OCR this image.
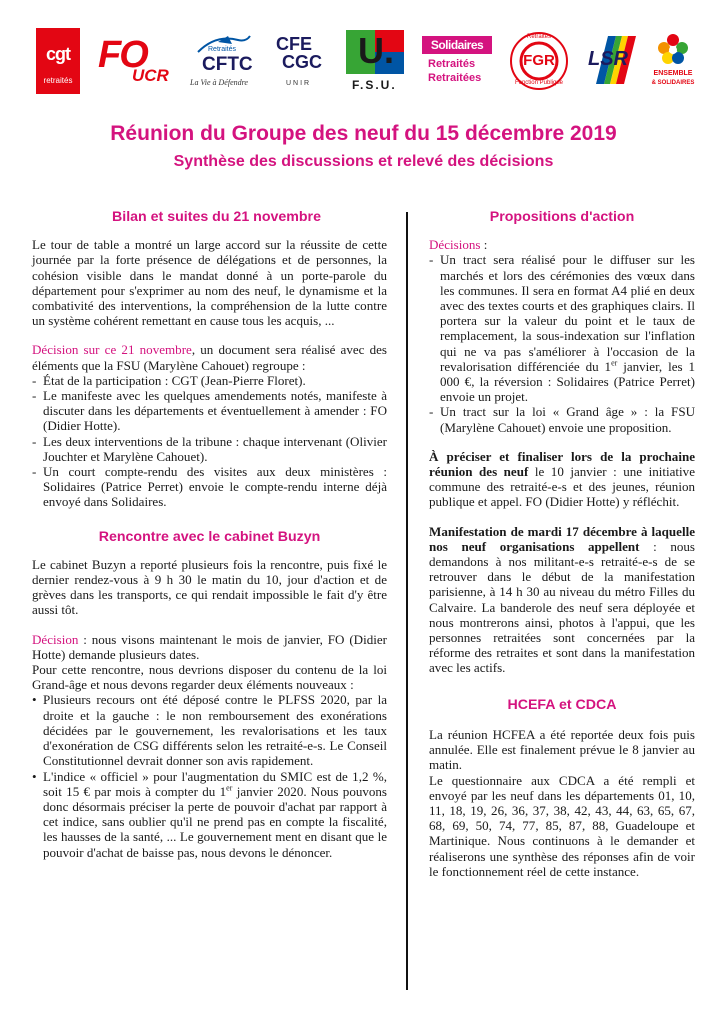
cgt
retraités
FO
UCR
Retraités
CFTC
La Vie à Défendre
CFE
CGC
UNIR
U.
F.S.U.
Solidaires
Retraités
Retraitées
FGR
Retraités
Fonction Publique
LSR
ENSEMBLE
& SOLIDAIRES
Réunion du Groupe des neuf du 15 décembre 2019
Synthèse des discussions et relevé des décisions
Bilan et suites du 21 novembre

Le tour de table a montré un large accord sur la réussite de cette journée par la forte présence de délégations et de personnes, la cohésion visible dans le mandat donné à un porte-parole du département pour s'exprimer au nom des neuf, le dynamisme et la combativité des interventions, la compréhension de la lutte contre un système cohérent remettant en cause tous les acquis, ...

Décision sur ce 21 novembre, un document sera réalisé avec des éléments que la FSU (Marylène Cahouet) regroupe :

- État de la participation : CGT (Jean-Pierre Floret).
- Le manifeste avec les quelques amendements notés, manifeste à discuter dans les départements et éventuellement à amender : FO (Didier Hotte).
- Les deux interventions de la tribune : chaque intervenant (Olivier Jouchter et Marylène Cahouet).
- Un court compte-rendu des visites aux deux ministères : Solidaires (Patrice Perret) envoie le compte-rendu interne déjà envoyé dans Solidaires.
Rencontre avec le cabinet Buzyn

Le cabinet Buzyn a reporté plusieurs fois la rencontre, puis fixé le dernier rendez-vous à 9 h 30 le matin du 10, jour d'action et de grèves dans les transports, ce qui rendait impossible le fait d'y être aussi tôt.

Décision : nous visons maintenant le mois de janvier, FO (Didier Hotte) demande plusieurs dates.

Pour cette rencontre, nous devrions disposer du contenu de la loi Grand-âge et nous devons regarder deux éléments nouveaux :

• Plusieurs recours ont été déposé contre le PLFSS 2020, par la droite et la gauche : le non remboursement des exonérations décidées par le gouvernement, les revalorisations et les taux d'exonération de CSG différents selon les retraité-e-s. Le Conseil Constitutionnel devrait donner son avis rapidement.
• L'indice « officiel » pour l'augmentation du SMIC est de 1,2 %, soit 15 € par mois à compter du 1er janvier 2020. Nous pouvons donc désormais préciser la perte de pouvoir d'achat par rapport à cet indice, sans oublier qu'il ne prend pas en compte la fiscalité, les hausses de la santé, ... Le gouvernement ment en disant que le pouvoir d'achat de baisse pas, nous devons le dénoncer.
Propositions d'action

Décisions :

- Un tract sera réalisé pour le diffuser sur les marchés et lors des cérémonies des vœux dans les communes. Il sera en format A4 plié en deux avec des textes courts et des graphiques clairs. Il portera sur la valeur du point et le taux de remplacement, la sous-indexation sur l'inflation qui ne va pas s'améliorer à l'occasion de la revalorisation différenciée du 1er janvier, les 1 000 €, la réversion : Solidaires (Patrice Perret) envoie un projet.
- Un tract sur la loi « Grand âge » : la FSU (Marylène Cahouet) envoie une proposition.

À préciser et finaliser lors de la prochaine réunion des neuf le 10 janvier : une initiative commune des retraité-e-s et des jeunes, réunion publique et appel. FO (Didier Hotte) y réfléchit.

Manifestation de mardi 17 décembre à laquelle nos neuf organisations appellent : nous demandons à nos militant-e-s retraité-e-s de se retrouver dans le début de la manifestation parisienne, à 14 h 30 au niveau du métro Filles du Calvaire. La banderole des neuf sera déployée et nous montrerons ainsi, photos à l'appui, que les personnes retraitées sont concernées par la réforme des retraites et sont dans la manifestation avec les actifs.

HCEFA et CDCA

La réunion HCFEA a été reportée deux fois puis annulée. Elle est finalement prévue le 8 janvier au matin.

Le questionnaire aux CDCA a été rempli et envoyé par les neuf dans les départements 01, 10, 11, 18, 19, 26, 36, 37, 38, 42, 43, 44, 63, 65, 67, 68, 69, 50, 74, 77, 85, 87, 88, Guadeloupe et Martinique. Nous continuons à le demander et réaliserons une synthèse des réponses afin de voir le fonctionnement réel de cette instance.
